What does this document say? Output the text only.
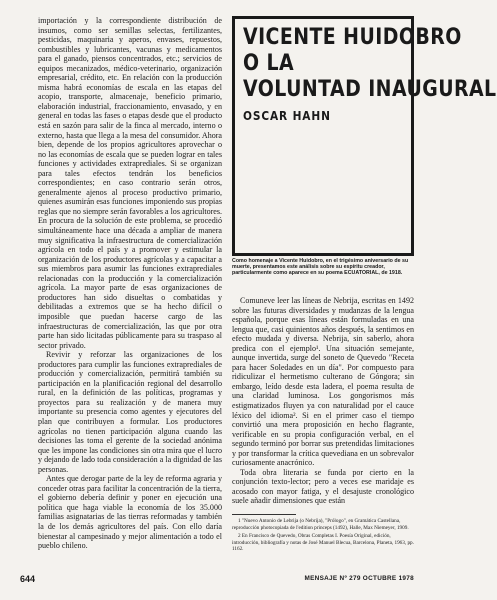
importación y la correspondiente distribución de insumos, como ser semillas selectas, fertilizantes, pesticidas, maquinaria y aperos, envases, repuestos, combustibles y lubricantes, vacunas y medicamentos para el ganado, piensos concentrados, etc.; servicios de equipos mecanizados, médico-veterinario, organización empresarial, crédito, etc. En relación con la producción misma habrá economías de escala en las etapas del acopio, transporte, almacenaje, beneficio primario, elaboración industrial, fraccionamiento, envasado, y en general en todas las fases o etapas desde que el producto está en sazón para salir de la finca al mercado, interno o externo, hasta que llega a la mesa del consumidor. Ahora bien, depende de los propios agricultores aprovechar o no las economías de escala que se pueden lograr en tales funciones y actividades extraprediales. Si se organizan para tales efectos tendrán los beneficios correspondientes; en caso contrario serán otros, generalmente ajenos al proceso productivo primario, quienes asumirán esas funciones imponiendo sus propias reglas que no siempre serán favorables a los agricultores. En procura de la solución de este problema, se procedió simultáneamente hace una década a ampliar de manera muy significativa la infraestructura de comercialización agrícola en todo el país y a promover y estimular la organización de los productores agrícolas y a capacitar a sus miembros para asumir las funciones extraprediales relacionadas con la producción y la comercialización agrícola. La mayor parte de esas organizaciones de productores han sido disueltas o combatidas y debilitadas a extremos que se ha hecho difícil o imposible que puedan hacerse cargo de las infraestructuras de comercialización, las que por otra parte han sido licitadas públicamente para su traspaso al sector privado.

Revivir y reforzar las organizaciones de los productores para cumplir las funciones extraprediales de producción y comercialización, permitirá también su participación en la planificación regional del desarrollo rural, en la definición de las políticas, programas y proyectos para su realización y de manera muy importante su presencia como agentes y ejecutores del plan que contribuyen a formular. Los productores agrícolas no tienen participación alguna cuando las decisiones las toma el gerente de la sociedad anónima que les impone las condiciones sin otra mira que el lucro y dejando de lado toda consideración a la dignidad de las personas.

Antes que derogar parte de la ley de reforma agraria y conceder otras para facilitar la concentración de la tierra, el gobierno debería definir y poner en ejecución una política que haga viable la economía de los 35.000 familias asignatarias de las tierras reformadas y también la de los demás agricultores del país. Con ello daría bienestar al campesinado y mejor alimentación a todo el pueblo chileno.

VICENTE HUIDOBRO
O LA
VOLUNTAD INAUGURAL
OSCAR HAHN
Como homenaje a Vicente Huidobro, en el trigésimo aniversario de su muerte, presentamos este análisis sobre su espíritu creador, particularmente como aparece en su poema ECUATORIAL, de 1918.

Comuneve leer las líneas de Nebrija, escritas en 1492 sobre las futuras diversidades y mudanzas de la lengua española, porque esas líneas están formuladas en una lengua que, casi quinientos años después, la sentimos en efecto mudada y diversa. Nebrija, sin saberlo, ahora predica con el ejemplo¹. Una situación semejante, aunque invertida, surge del soneto de Quevedo "Receta para hacer Soledades en un día". Por compuesto para ridiculizar el hermetismo culterano de Góngora; sin embargo, leído desde esta ladera, el poema resulta de una claridad luminosa. Los gongorismos más estigmatizados fluyen ya con naturalidad por el cauce léxico del idioma². Si en el primer caso el tiempo convirtió una mera proposición en hecho flagrante, verificable en su propia configuración verbal, en el segundo terminó por borrar sus pretendidas limitaciones y por transformar la crítica quevediana en un sobrevalor curiosamente anacrónico.

Toda obra literaria se funda por cierto en la conjunción texto-lector; pero a veces ese maridaje es acosado con mayor fatiga, y el desajuste cronológico suele añadir dimensiones que están

1 "Nuevo Antonio de Lebrija (o Nebrija), "Prólogo", en Gramática Castellana, reproducción photocopiada de l'edition princeps (1492), Halle, Max Niemeyer, 1909.

2 En Francisco de Quevedo, Obras Completas I. Poesía Original, edición, introducción, bibliografía y notas de José Manuel Blecua, Barcelona, Planeta, 1963, pp. 1162.

644	MENSAJE Nº 279 OCTUBRE 1978
